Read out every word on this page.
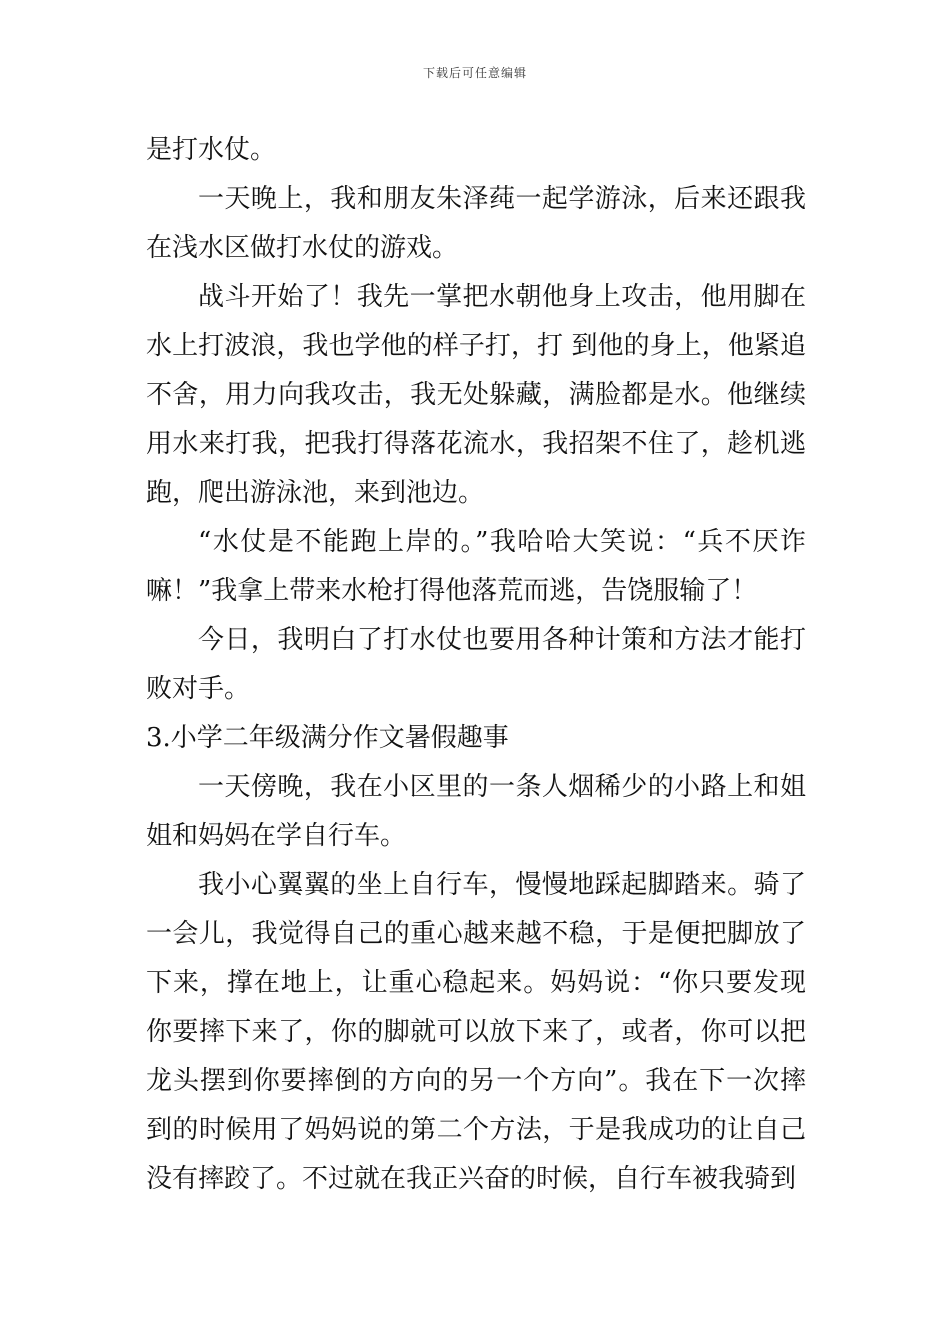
下载后可任意编辑

是打水仗。

一天晚上，我和朋友朱泽莼一起学游泳，后来还跟我在浅水区做打水仗的游戏。

战斗开始了！我先一掌把水朝他身上攻击，他用脚在水上打波浪，我也学他的样子打，打 到他的身上，他紧追不舍，用力向我攻击，我无处躲藏，满脸都是水。他继续用水来打我，把我打得落花流水，我招架不住了，趁机逃跑，爬出游泳池，来到池边。

“水仗是不能跑上岸的。”我哈哈大笑说：“兵不厌诈嘛！”我拿上带来水枪打得他落荒而逃，告饶服输了！

今日，我明白了打水仗也要用各种计策和方法才能打败对手。

3.小学二年级满分作文暑假趣事

一天傍晚，我在小区里的一条人烟稀少的小路上和姐姐和妈妈在学自行车。

我小心翼翼的坐上自行车，慢慢地踩起脚踏来。骑了一会儿，我觉得自己的重心越来越不稳，于是便把脚放了下来，撑在地上，让重心稳起来。妈妈说：“你只要发现你要摔下来了，你的脚就可以放下来了，或者，你可以把龙头摆到你要摔倒的方向的另一个方向”。我在下一次摔到的时候用了妈妈说的第二个方法，于是我成功的让自己没有摔跤了。不过就在我正兴奋的时候，自行车被我骑到
